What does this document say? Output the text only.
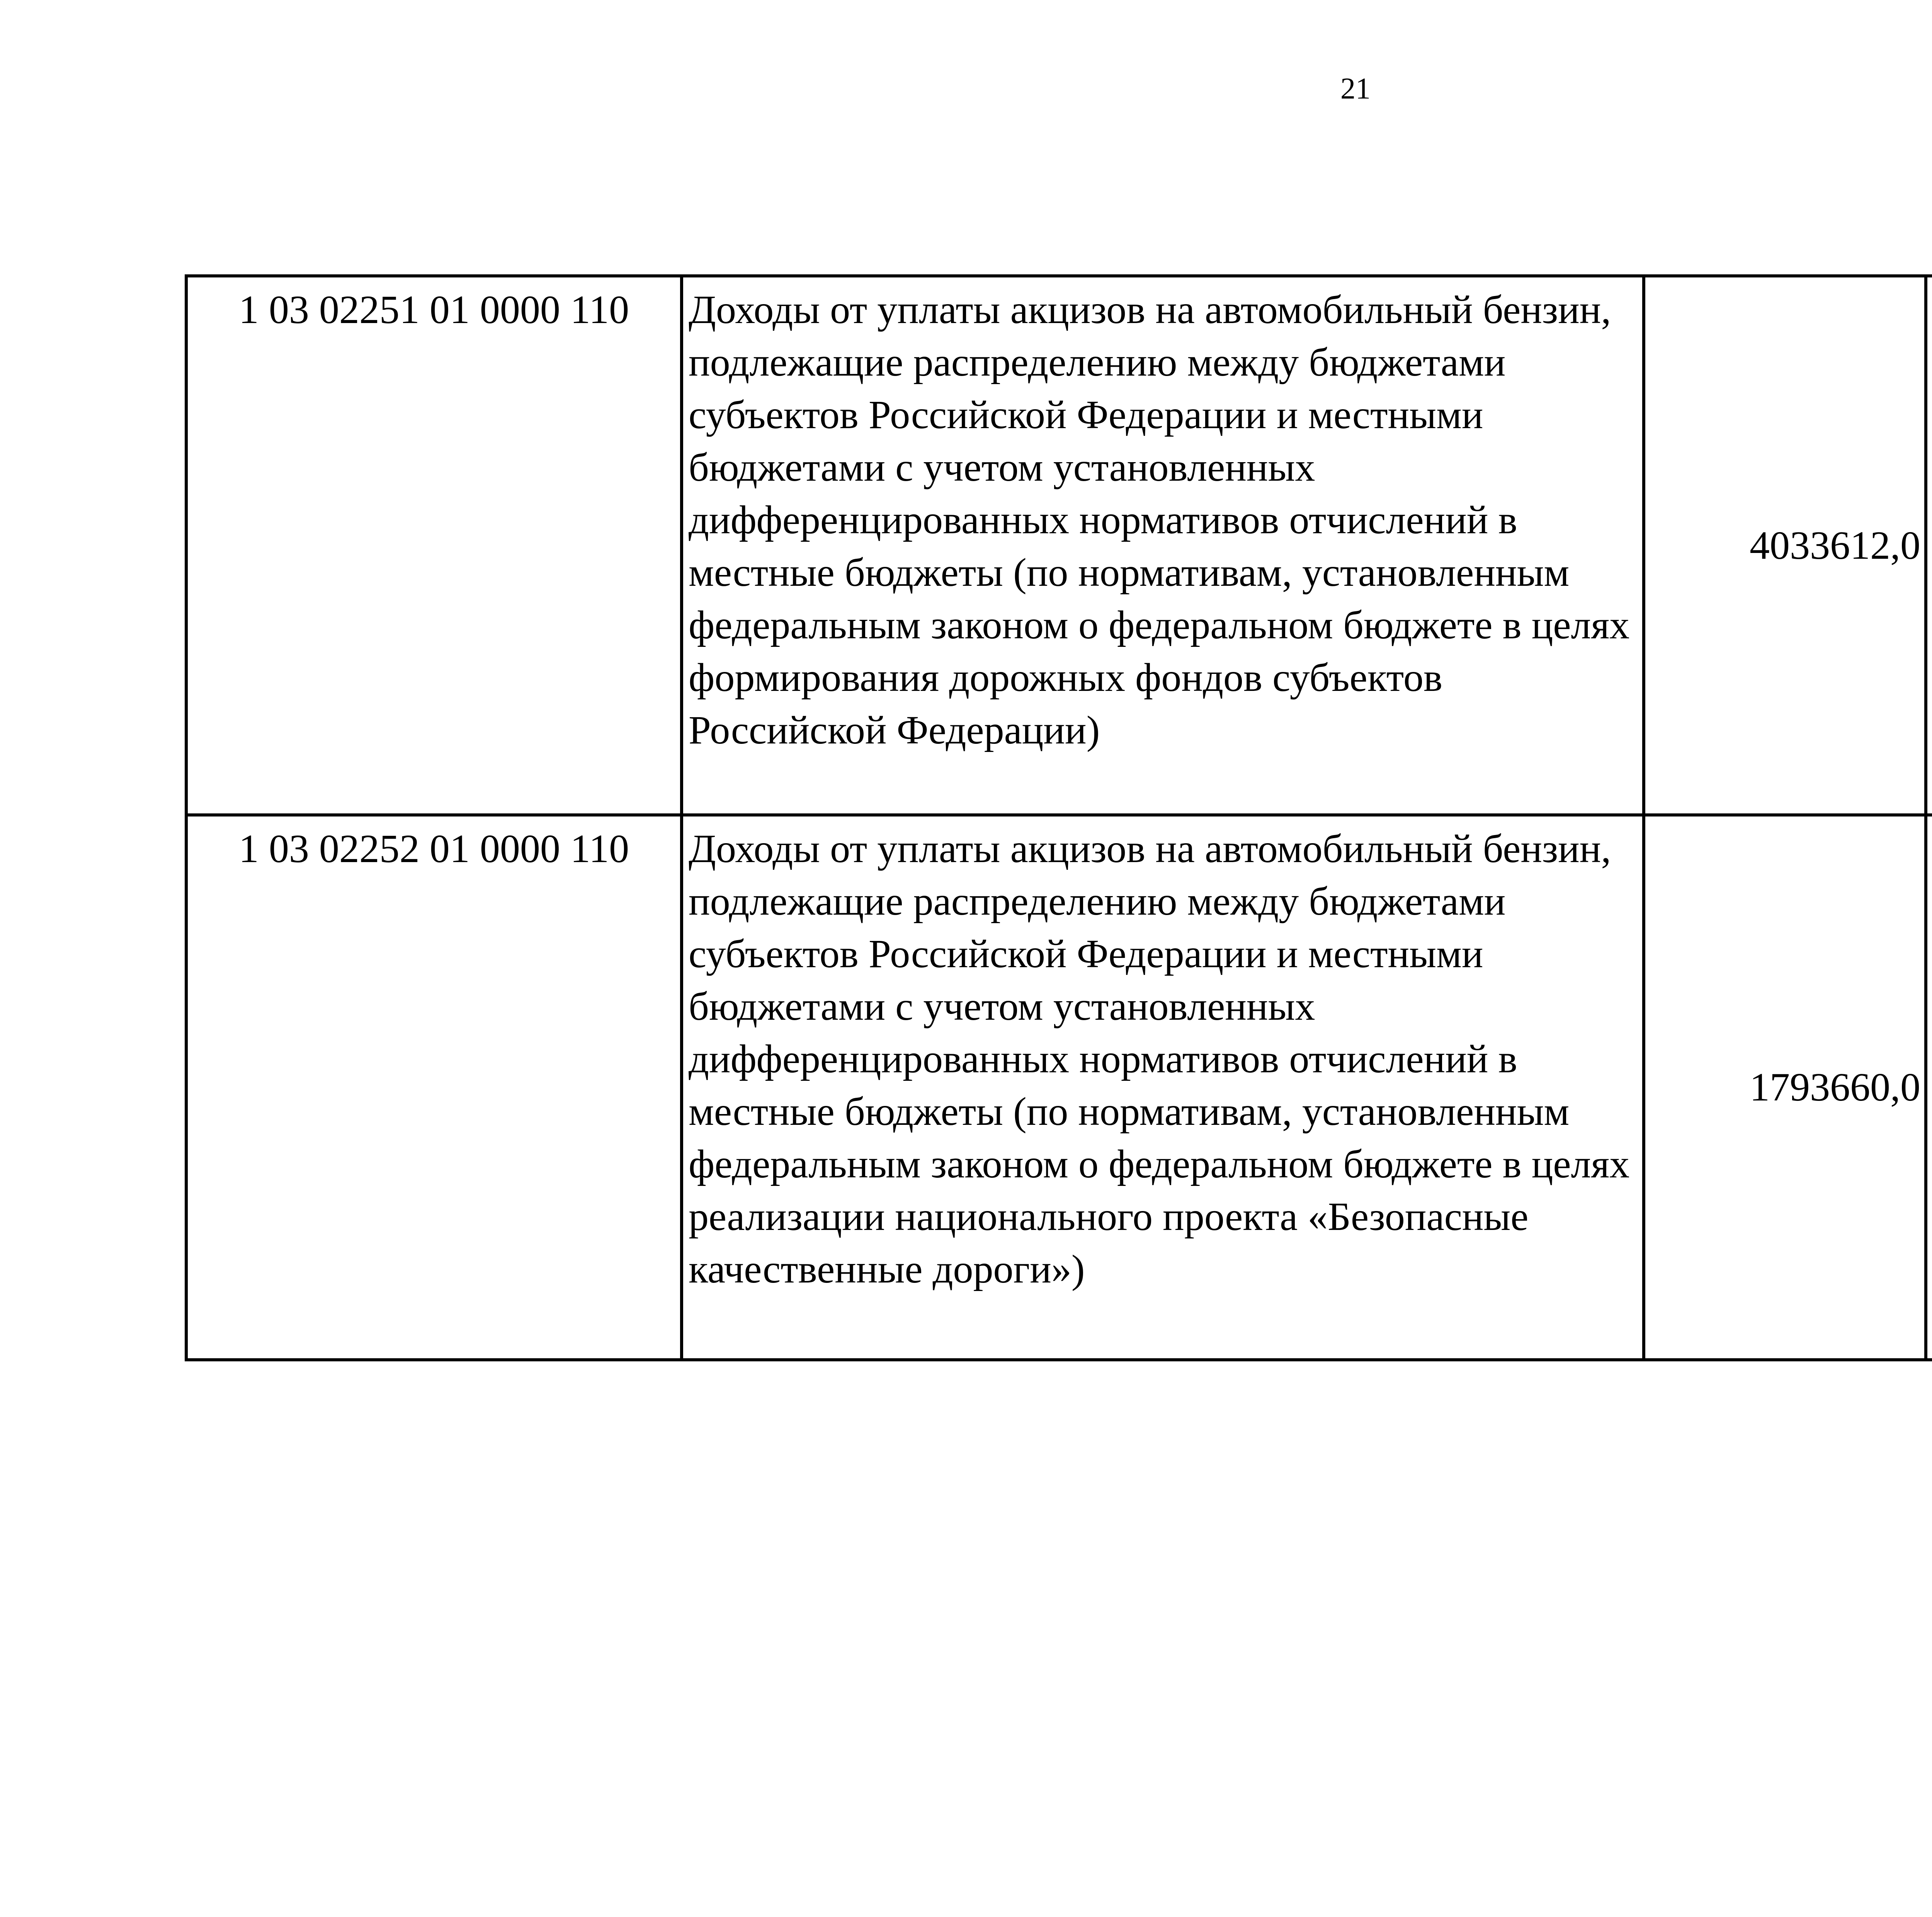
21
1 03 02251 01 0000 110	Доходы от уплаты акцизов на автомобильный бензин, подлежащие распределению между бюджетами субъектов Российской Федерации и местными бюджетами с учетом установленных дифференцированных нормативов отчислений в местные бюджеты (по нормативам, установленным федеральным законом о федеральном бюджете в целях формирования дорожных фондов субъектов Российской Федерации)	4033612,0		
1 03 02252 01 0000 110	Доходы от уплаты акцизов на автомобильный бензин, подлежащие распределению между бюджетами субъектов Российской Федерации и местными бюджетами с учетом установленных дифференцированных нормативов отчислений в местные бюджеты (по нормативам, установленным федеральным законом о федеральном бюджете в целях реализации национального проекта «Безопасные качественные дороги»)	1793660,0		
